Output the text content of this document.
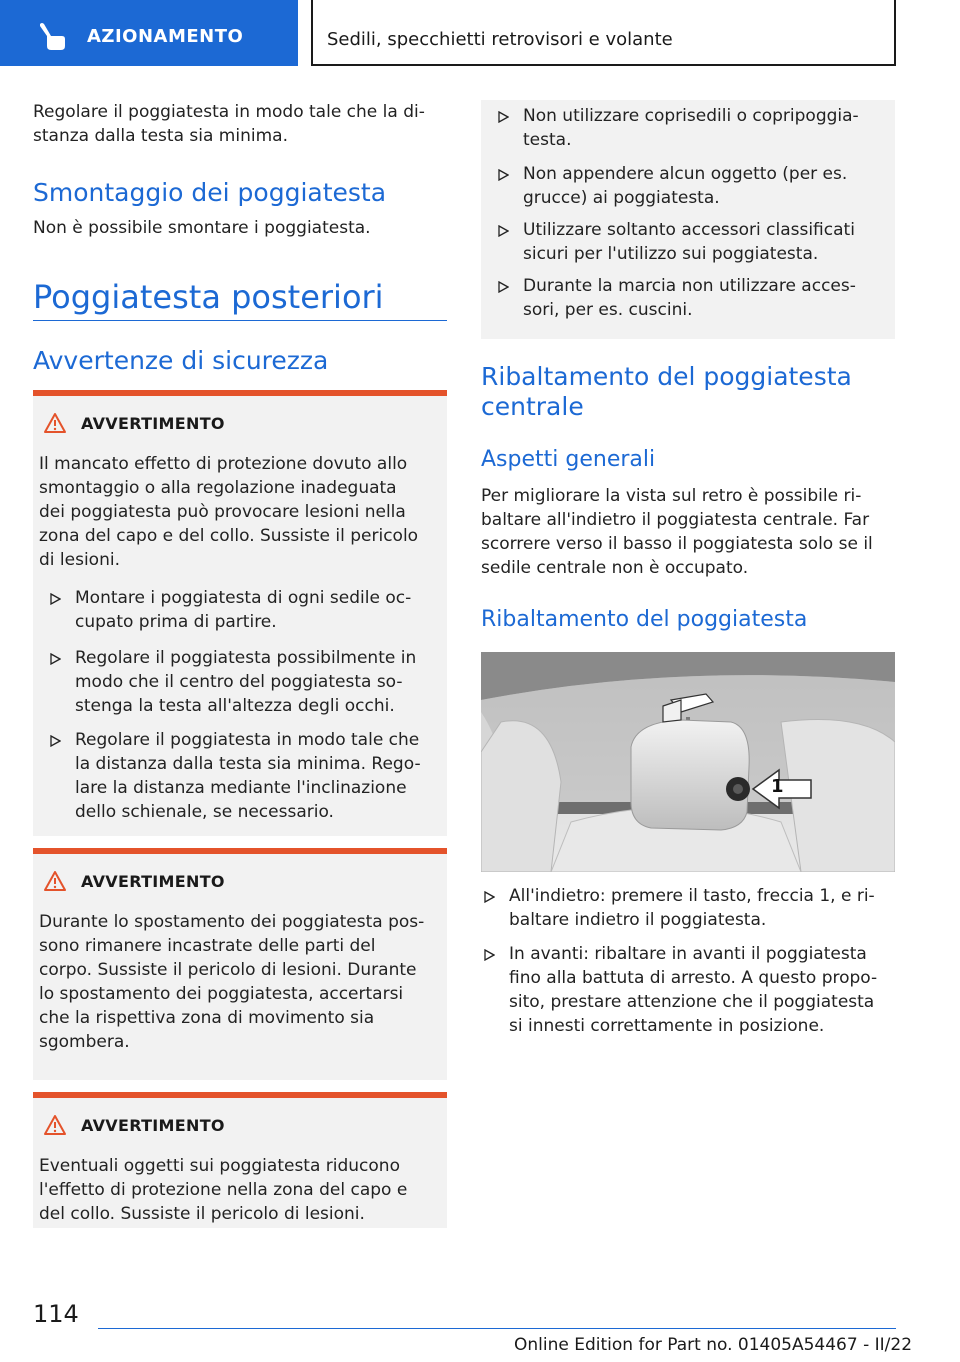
AZIONAMENTO	Sedili, specchietti retrovisori e volante
Regolare il poggiatesta in modo tale che la di-
stanza dalla testa sia minima.
Smontaggio dei poggiatesta
Non è possibile smontare i poggiatesta.
Poggiatesta posteriori
Avvertenze di sicurezza
AVVERTIMENTO
Il mancato effetto di protezione dovuto allo
smontaggio o alla regolazione inadeguata
dei poggiatesta può provocare lesioni nella
zona del capo e del collo. Sussiste il pericolo
di lesioni.
Montare i poggiatesta di ogni sedile oc-
cupato prima di partire.
Regolare il poggiatesta possibilmente in
modo che il centro del poggiatesta so-
stenga la testa all'altezza degli occhi.
Regolare il poggiatesta in modo tale che
la distanza dalla testa sia minima. Rego-
lare la distanza mediante l'inclinazione
dello schienale, se necessario.
AVVERTIMENTO
Durante lo spostamento dei poggiatesta pos-
sono rimanere incastrate delle parti del
corpo. Sussiste il pericolo di lesioni. Durante
lo spostamento dei poggiatesta, accertarsi
che la rispettiva zona di movimento sia
sgombera.
AVVERTIMENTO
Eventuali oggetti sui poggiatesta riducono
l'effetto di protezione nella zona del capo e
del collo. Sussiste il pericolo di lesioni.
Non utilizzare coprisedili o copripoggia-
testa.
Non appendere alcun oggetto (per es.
grucce) ai poggiatesta.
Utilizzare soltanto accessori classificati
sicuri per l'utilizzo sui poggiatesta.
Durante la marcia non utilizzare acces-
sori, per es. cuscini.
Ribaltamento del poggiatesta
centrale
Aspetti generali
Per migliorare la vista sul retro è possibile ri-
baltare all'indietro il poggiatesta centrale. Far
scorrere verso il basso il poggiatesta solo se il
sedile centrale non è occupato.
Ribaltamento del poggiatesta
1
All'indietro: premere il tasto, freccia 1, e ri-
baltare indietro il poggiatesta.
In avanti: ribaltare in avanti il poggiatesta
fino alla battuta di arresto. A questo propo-
sito, prestare attenzione che il poggiatesta
si innesti correttamente in posizione.
114
Online Edition for Part no. 01405A54467 - II/22
